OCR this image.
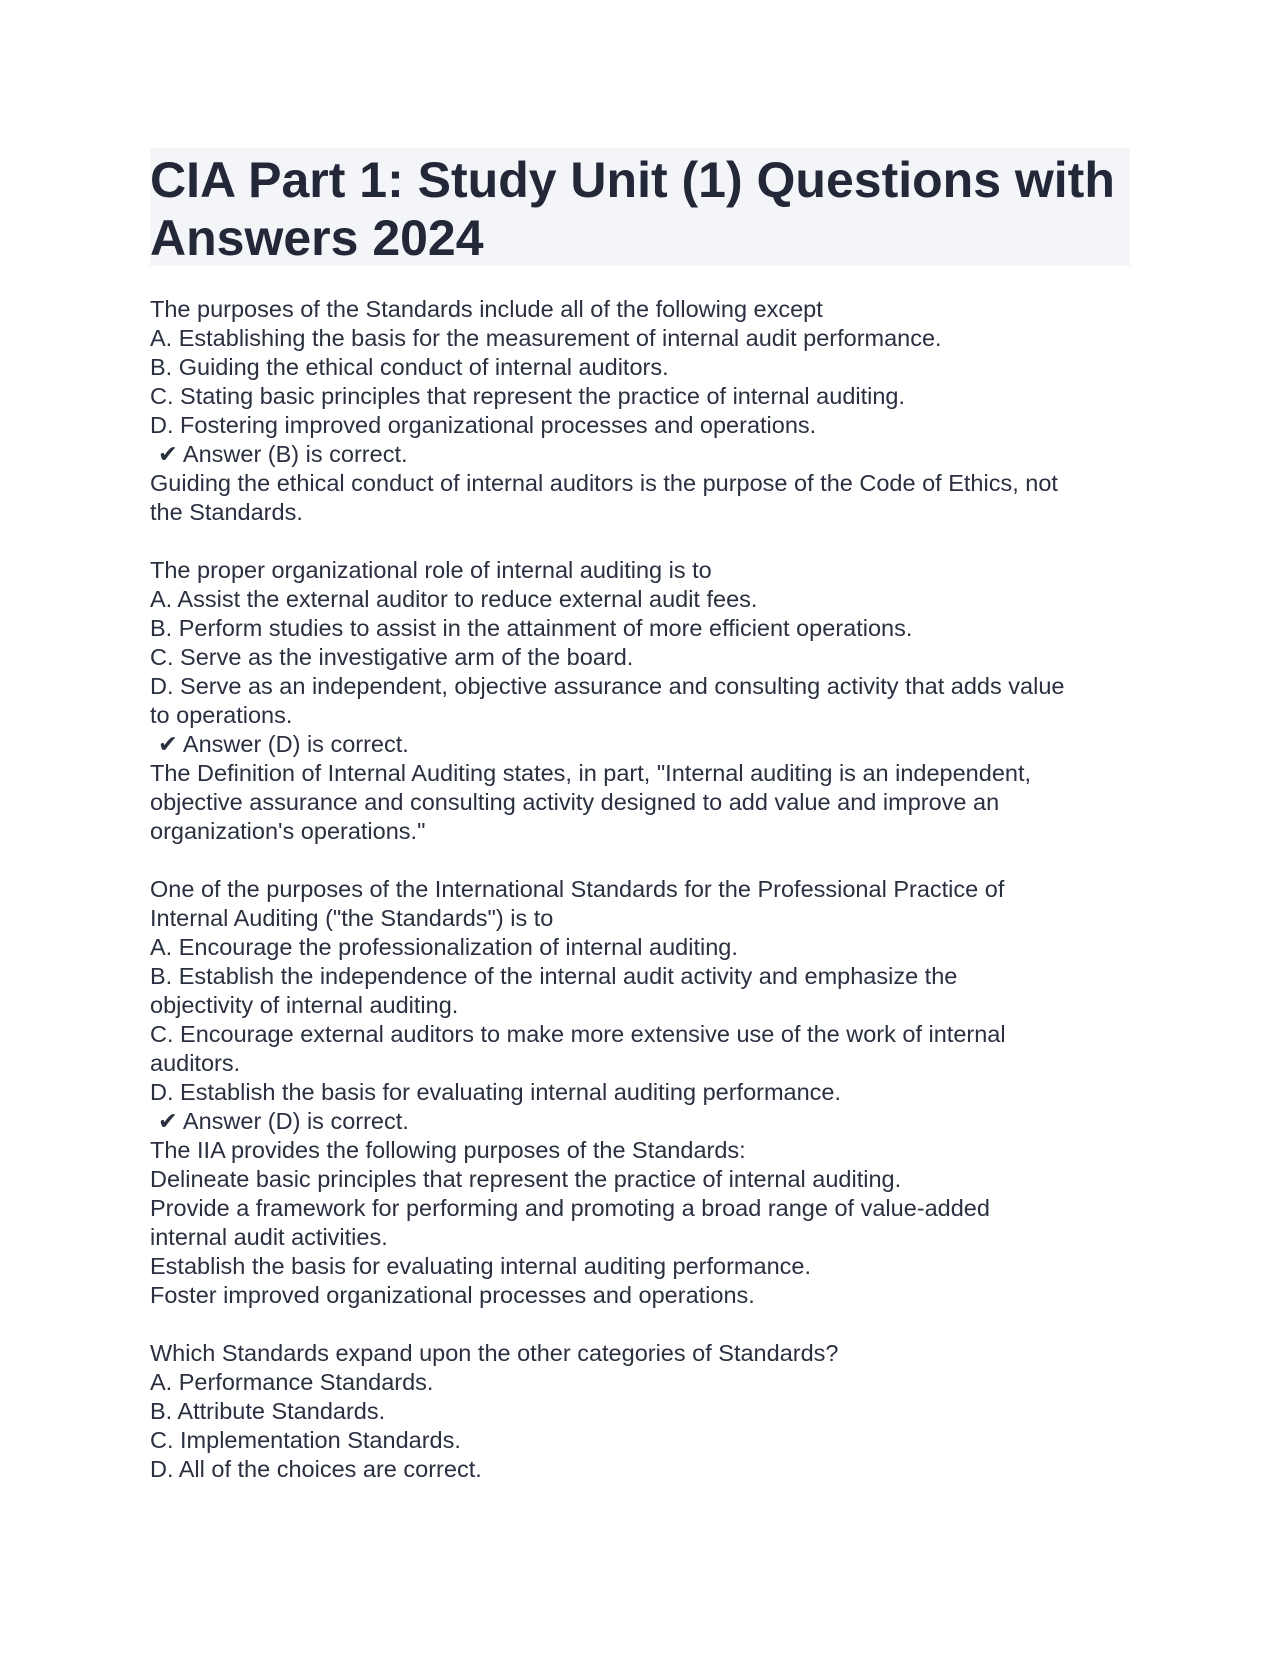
CIA Part 1: Study Unit (1) Questions with
Answers 2024
The purposes of the Standards include all of the following except
A. Establishing the basis for the measurement of internal audit performance.
B. Guiding the ethical conduct of internal auditors.
C. Stating basic principles that represent the practice of internal auditing.
D. Fostering improved organizational processes and operations.
✔ Answer (B) is correct.
Guiding the ethical conduct of internal auditors is the purpose of the Code of Ethics, not
the Standards.
The proper organizational role of internal auditing is to
A. Assist the external auditor to reduce external audit fees.
B. Perform studies to assist in the attainment of more efficient operations.
C. Serve as the investigative arm of the board.
D. Serve as an independent, objective assurance and consulting activity that adds value
to operations.
✔ Answer (D) is correct.
The Definition of Internal Auditing states, in part, "Internal auditing is an independent,
objective assurance and consulting activity designed to add value and improve an
organization's operations."
One of the purposes of the International Standards for the Professional Practice of
Internal Auditing ("the Standards") is to
A. Encourage the professionalization of internal auditing.
B. Establish the independence of the internal audit activity and emphasize the
objectivity of internal auditing.
C. Encourage external auditors to make more extensive use of the work of internal
auditors.
D. Establish the basis for evaluating internal auditing performance.
✔ Answer (D) is correct.
The IIA provides the following purposes of the Standards:
Delineate basic principles that represent the practice of internal auditing.
Provide a framework for performing and promoting a broad range of value-added
internal audit activities.
Establish the basis for evaluating internal auditing performance.
Foster improved organizational processes and operations.
Which Standards expand upon the other categories of Standards?
A. Performance Standards.
B. Attribute Standards.
C. Implementation Standards.
D. All of the choices are correct.
